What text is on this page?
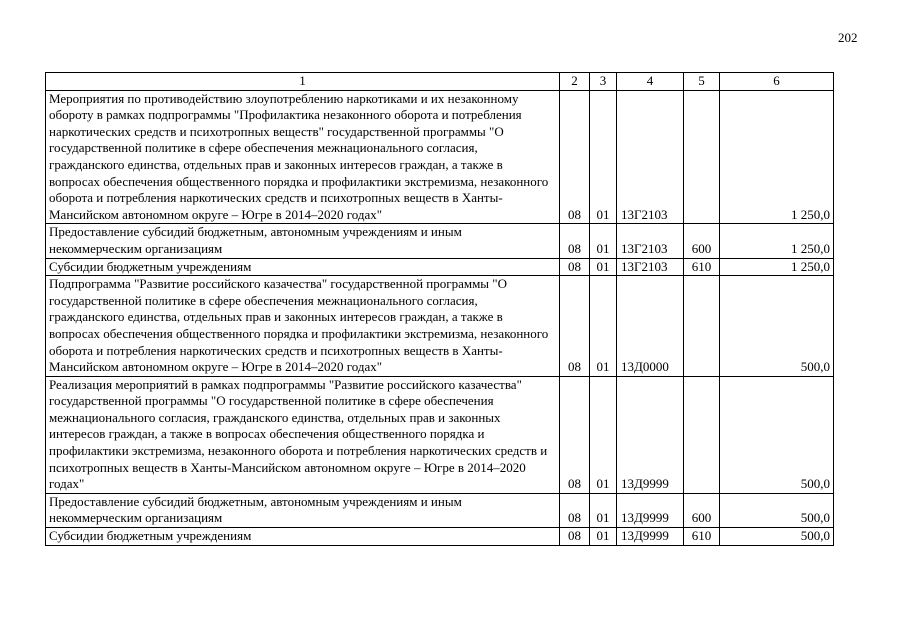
202
1	2	3	4	5	6
Мероприятия по противодействию злоупотреблению наркотиками и их незаконному обороту в рамках подпрограммы "Профилактика незаконного оборота и потребления наркотических средств и психотропных веществ" государственной программы "О государственной политике в сфере обеспечения межнационального согласия, гражданского единства, отдельных прав и законных интересов граждан, а также в вопросах обеспечения общественного порядка и профилактики экстремизма, незаконного оборота и потребления наркотических средств и психотропных веществ в Ханты-Мансийском автономном округе – Югре в 2014–2020 годах"	08	01	13Г2103		1 250,0
Предоставление субсидий бюджетным, автономным учреждениям и иным некоммерческим организациям	08	01	13Г2103	600	1 250,0
Субсидии бюджетным учреждениям	08	01	13Г2103	610	1 250,0
Подпрограмма "Развитие российского казачества" государственной программы "О государственной политике в сфере обеспечения межнационального согласия, гражданского единства, отдельных прав и законных интересов граждан, а также в вопросах обеспечения общественного порядка и профилактики экстремизма, незаконного оборота и потребления наркотических средств и психотропных веществ в Ханты-Мансийском автономном округе – Югре в 2014–2020 годах"	08	01	13Д0000		500,0
Реализация мероприятий в рамках подпрограммы "Развитие российского казачества" государственной программы "О государственной политике в сфере обеспечения межнационального согласия, гражданского единства, отдельных прав и законных интересов граждан, а также в вопросах обеспечения общественного порядка и профилактики экстремизма, незаконного оборота и потребления наркотических средств и психотропных веществ в Ханты-Мансийском автономном округе – Югре в 2014–2020 годах"	08	01	13Д9999		500,0
Предоставление субсидий бюджетным, автономным учреждениям и иным некоммерческим организациям	08	01	13Д9999	600	500,0
Субсидии бюджетным учреждениям	08	01	13Д9999	610	500,0
